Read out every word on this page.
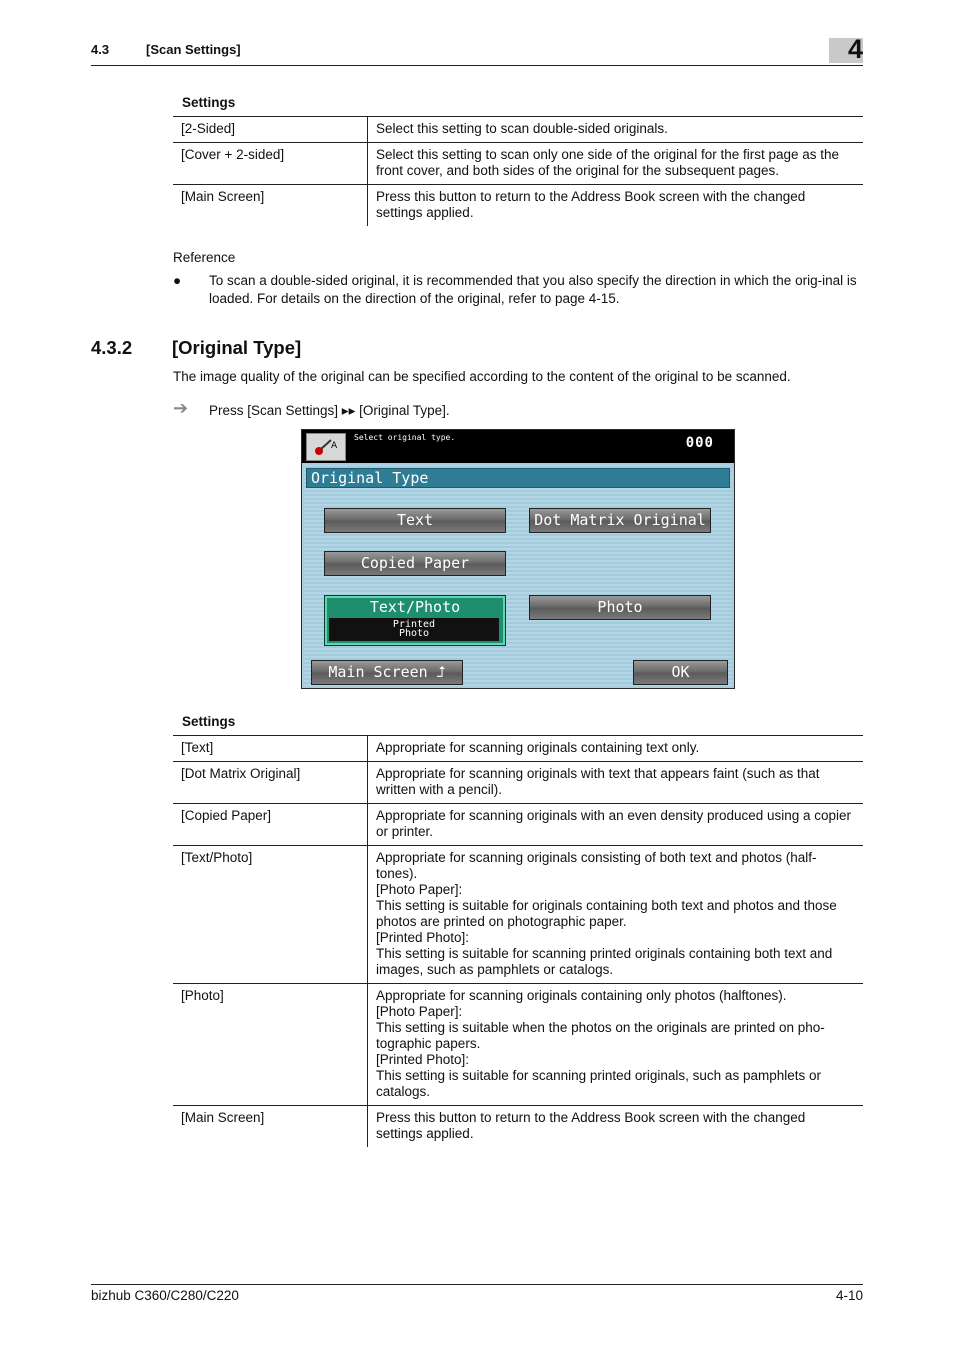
4.3	[Scan Settings]	4
Settings
[2-Sided]	Select this setting to scan double-sided originals.
[Cover + 2-sided]	Select this setting to scan only one side of the original for the first page as the front cover, and both sides of the original for the subsequent pages.
[Main Screen]	Press this button to return to the Address Book screen with the changed settings applied.
Reference
● To scan a double-sided original, it is recommended that you also specify the direction in which the orig-inal is loaded. For details on the direction of the original, refer to page 4-15.
4.3.2 [Original Type]
The image quality of the original can be specified according to the content of the original to be scanned.
➔ Press [Scan Settings] ▸▸ [Original Type].
A
Select original type.	000
Original Type
Text	Dot Matrix Original
Copied Paper
Text/Photo
Printed
Photo
Photo
Main Screen ⮥	OK
Settings
[Text]	Appropriate for scanning originals containing text only.

[Dot Matrix Original]	Appropriate for scanning originals with text that appears faint (such as that written with a pencil).

[Copied Paper]	Appropriate for scanning originals with an even density produced using a copier or printer.

[Text/Photo]	Appropriate for scanning originals consisting of both text and photos (half-tones).
[Photo Paper]:
This setting is suitable for originals containing both text and photos and those photos are printed on photographic paper.
[Printed Photo]:
This setting is suitable for scanning printed originals containing both text and images, such as pamphlets or catalogs.

[Photo]	Appropriate for scanning originals containing only photos (halftones).
[Photo Paper]:
This setting is suitable when the photos on the originals are printed on pho-tographic papers.
[Printed Photo]:
This setting is suitable for scanning printed originals, such as pamphlets or catalogs.

[Main Screen]	Press this button to return to the Address Book screen with the changed settings applied.
bizhub C360/C280/C220	4-10
